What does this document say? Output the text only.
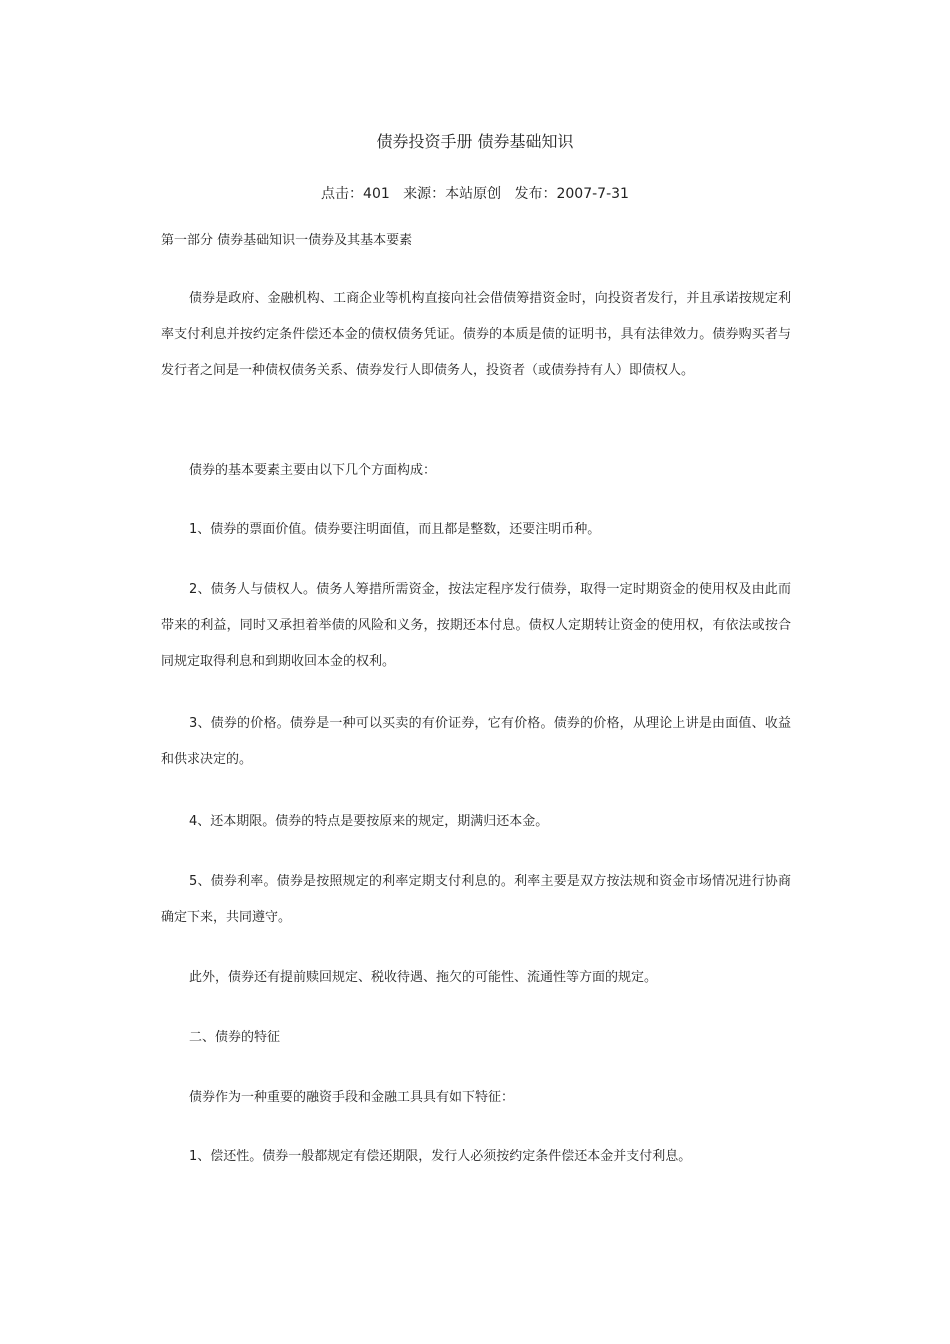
债券投资手册 债券基础知识
点击：401 来源：本站原创 发布：2007-7-31
第一部分 债券基础知识一债券及其基本要素

债券是政府、金融机构、工商企业等机构直接向社会借债筹措资金时，向投资者发行，并且承诺按规定利率支付利息并按约定条件偿还本金的债权债务凭证。债券的本质是债的证明书，具有法律效力。债券购买者与发行者之间是一种债权债务关系、债券发行人即债务人，投资者（或债券持有人）即债权人。

债券的基本要素主要由以下几个方面构成：

1、债券的票面价值。债券要注明面值，而且都是整数，还要注明币种。

2、债务人与债权人。债务人筹措所需资金，按法定程序发行债券，取得一定时期资金的使用权及由此而带来的利益，同时又承担着举债的风险和义务，按期还本付息。债权人定期转让资金的使用权，有依法或按合同规定取得利息和到期收回本金的权利。

3、债券的价格。债券是一种可以买卖的有价证券，它有价格。债券的价格，从理论上讲是由面值、收益和供求决定的。

4、还本期限。债券的特点是要按原来的规定，期满归还本金。

5、债券利率。债券是按照规定的利率定期支付利息的。利率主要是双方按法规和资金市场情况进行协商确定下来，共同遵守。

此外，债券还有提前赎回规定、税收待遇、拖欠的可能性、流通性等方面的规定。

二、债券的特征

债券作为一种重要的融资手段和金融工具具有如下特征：

1、偿还性。债券一般都规定有偿还期限，发行人必须按约定条件偿还本金并支付利息。
